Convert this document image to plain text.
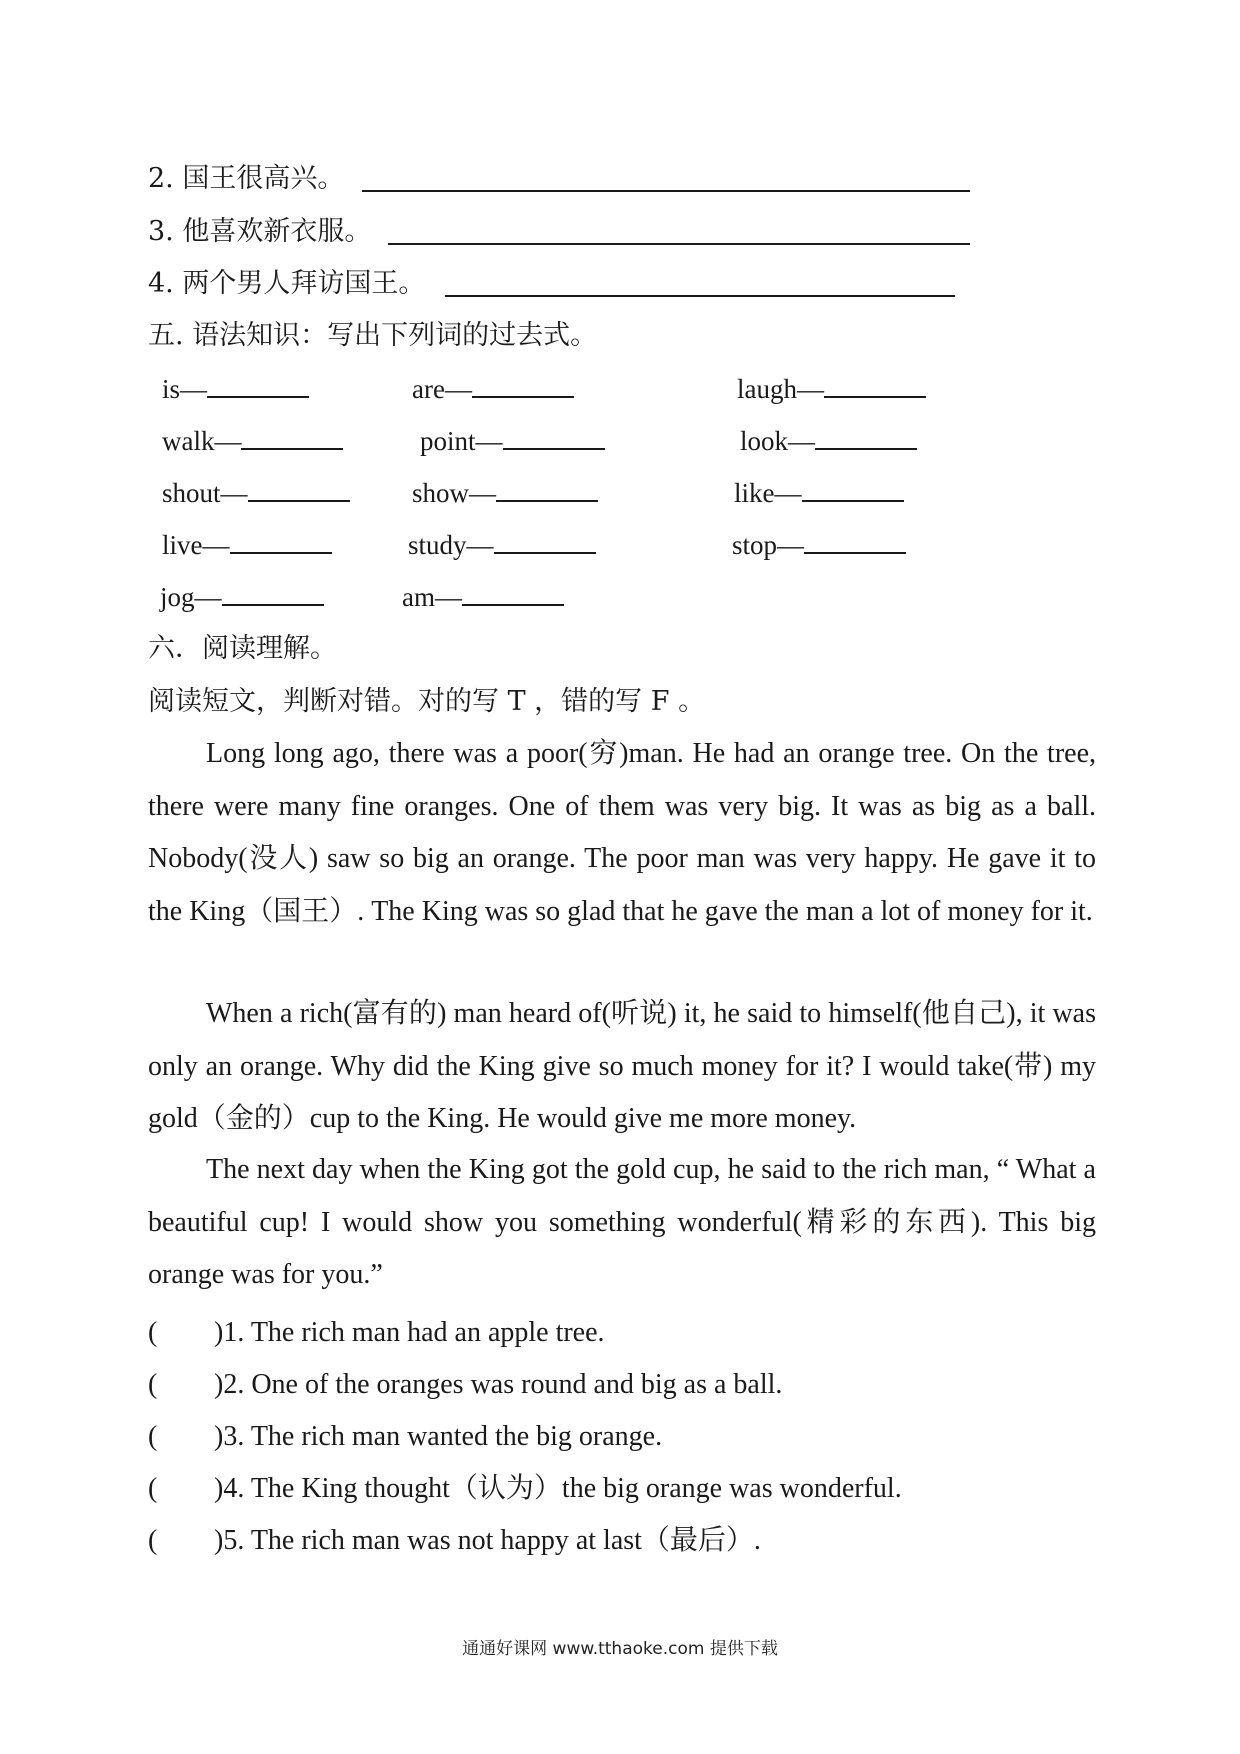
2. 国王很高兴。
3. 他喜欢新衣服。
4. 两个男人拜访国王。
五. 语法知识：写出下列词的过去式。
is—	are—	laugh—
walk—	point—	look—
shout—	show—	like—
live—	study—	stop—
jog—	am—
六．阅读理解。
阅读短文，判断对错。对的写 T ，错的写 F 。

Long long ago, there was a poor(穷)man. He had an orange tree. On the tree, there were many fine oranges. One of them was very big. It was as big as a ball. Nobody(没人) saw so big an orange. The poor man was very happy. He gave it to the King（国王）. The King was so glad that he gave the man a lot of money for it.

When a rich(富有的) man heard of(听说) it, he said to himself(他自己), it was only an orange. Why did the King give so much money for it? I would take(带) my gold（金的）cup to the King. He would give me more money.

The next day when the King got the gold cup, he said to the rich man, “ What a beautiful cup! I would show you something wonderful(精彩的东西). This big orange was for you.”

( )1. The rich man had an apple tree.
( )2. One of the oranges was round and big as a ball.
( )3. The rich man wanted the big orange.
( )4. The King thought（认为）the big orange was wonderful.
( )5. The rich man was not happy at last（最后）.
通通好课网 www.tthaoke.com 提供下载
